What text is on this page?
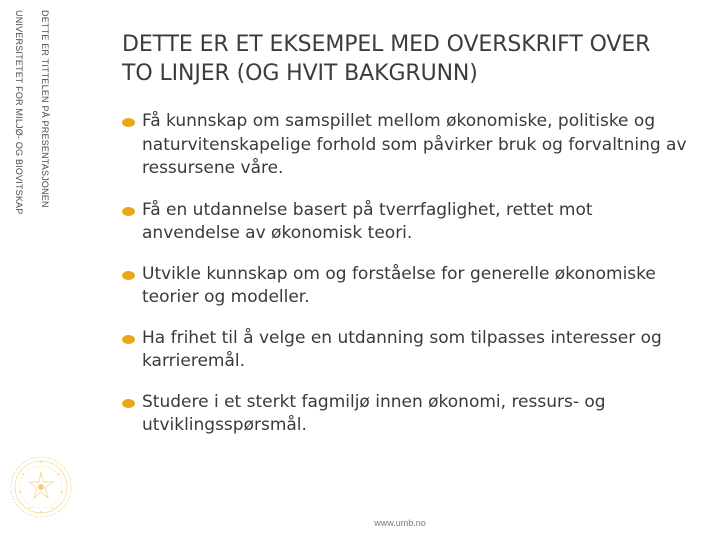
DETTE ER TITTELEN PÅ PRESENTASJONEN
UNIVERSITETET FOR MILJØ- OG BIOVITSKAP	DETTE ER ET EKSEMPEL MED OVERSKRIFT OVER TO LINJER (OG HVIT BAKGRUNN)
Få kunnskap om samspillet mellom økonomiske, politiske og naturvitenskapelige forhold som påvirker bruk og forvaltning av ressursene våre.
Få en utdannelse basert på tverrfaglighet, rettet mot anvendelse av økonomisk teori.
Utvikle kunnskap om og forståelse for generelle økonomiske teorier og modeller.
Ha frihet til å velge en utdanning som tilpasses interesser og karrieremål.
Studere i et sterkt fagmiljø innen økonomi, ressurs- og utviklingsspørsmål.
www.umb.no
